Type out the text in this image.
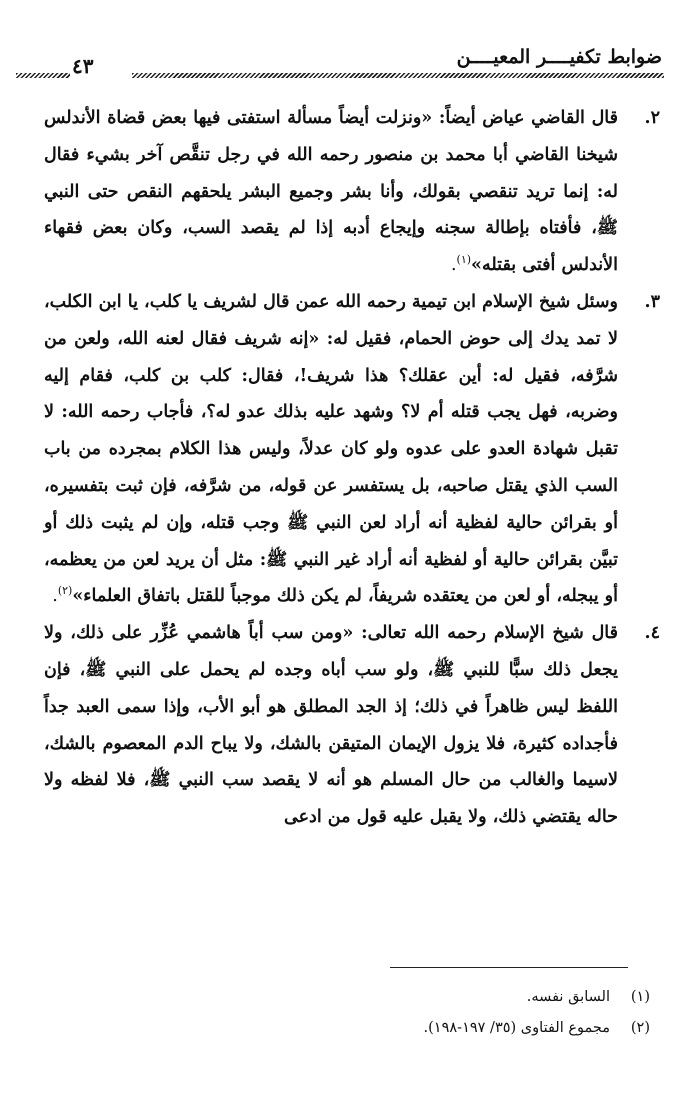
ضوابط تكفيــــر المعيــــن
٤٣

٢.
قال القاضي عياض أيضاً: «ونزلت أيضاً مسألة استفتى فيها بعض قضاة الأندلس شيخنا القاضي أبا محمد بن منصور رحمه الله في رجل تنقَّص آخر بشيء فقال له: إنما تريد تنقصي بقولك، وأنا بشر وجميع البشر يلحقهم النقص حتى النبي ﷺ، فأفتاه بإطالة سجنه وإيجاع أدبه إذا لم يقصد السب، وكان بعض فقهاء الأندلس أفتى بقتله»$^{(١)}$.

٣.
وسئل شيخ الإسلام ابن تيمية رحمه الله عمن قال لشريف يا كلب، يا ابن الكلب، لا تمد يدك إلى حوض الحمام، فقيل له: «إنه شريف فقال لعنه الله، ولعن من شرَّفه، فقيل له: أين عقلك؟ هذا شريف!، فقال: كلب بن كلب، فقام إليه وضربه، فهل يجب قتله أم لا؟ وشهد عليه بذلك عدو له؟، فأجاب رحمه الله: لا تقبل شهادة العدو على عدوه ولو كان عدلاً، وليس هذا الكلام بمجرده من باب السب الذي يقتل صاحبه، بل يستفسر عن قوله، من شرَّفه، فإن ثبت بتفسيره، أو بقرائن حالية لفظية أنه أراد لعن النبي ﷺ وجب قتله، وإن لم يثبت ذلك أو تبيَّن بقرائن حالية أو لفظية أنه أراد غير النبي ﷺ: مثل أن يريد لعن من يعظمه، أو يبجله، أو لعن من يعتقده شريفاً، لم يكن ذلك موجباً للقتل باتفاق العلماء»$^{(٢)}$.

٤.
قال شيخ الإسلام رحمه الله تعالى: «ومن سب أباً هاشمي عُزِّر على ذلك، ولا يجعل ذلك سبًّا للنبي ﷺ، ولو سب أباه وجده لم يحمل على النبي ﷺ، فإن اللفظ ليس ظاهراً في ذلك؛ إذ الجد المطلق هو أبو الأب، وإذا سمى العبد جداً فأجداده كثيرة، فلا يزول الإيمان المتيقن بالشك، ولا يباح الدم المعصوم بالشك، لاسيما والغالب من حال المسلم هو أنه لا يقصد سب النبي ﷺ، فلا لفظه ولا حاله يقتضي ذلك، ولا يقبل عليه قول من ادعى

(١)السابق نفسه.

(٢)مجموع الفتاوى (٣٥/ ١٩٧-١٩٨).
